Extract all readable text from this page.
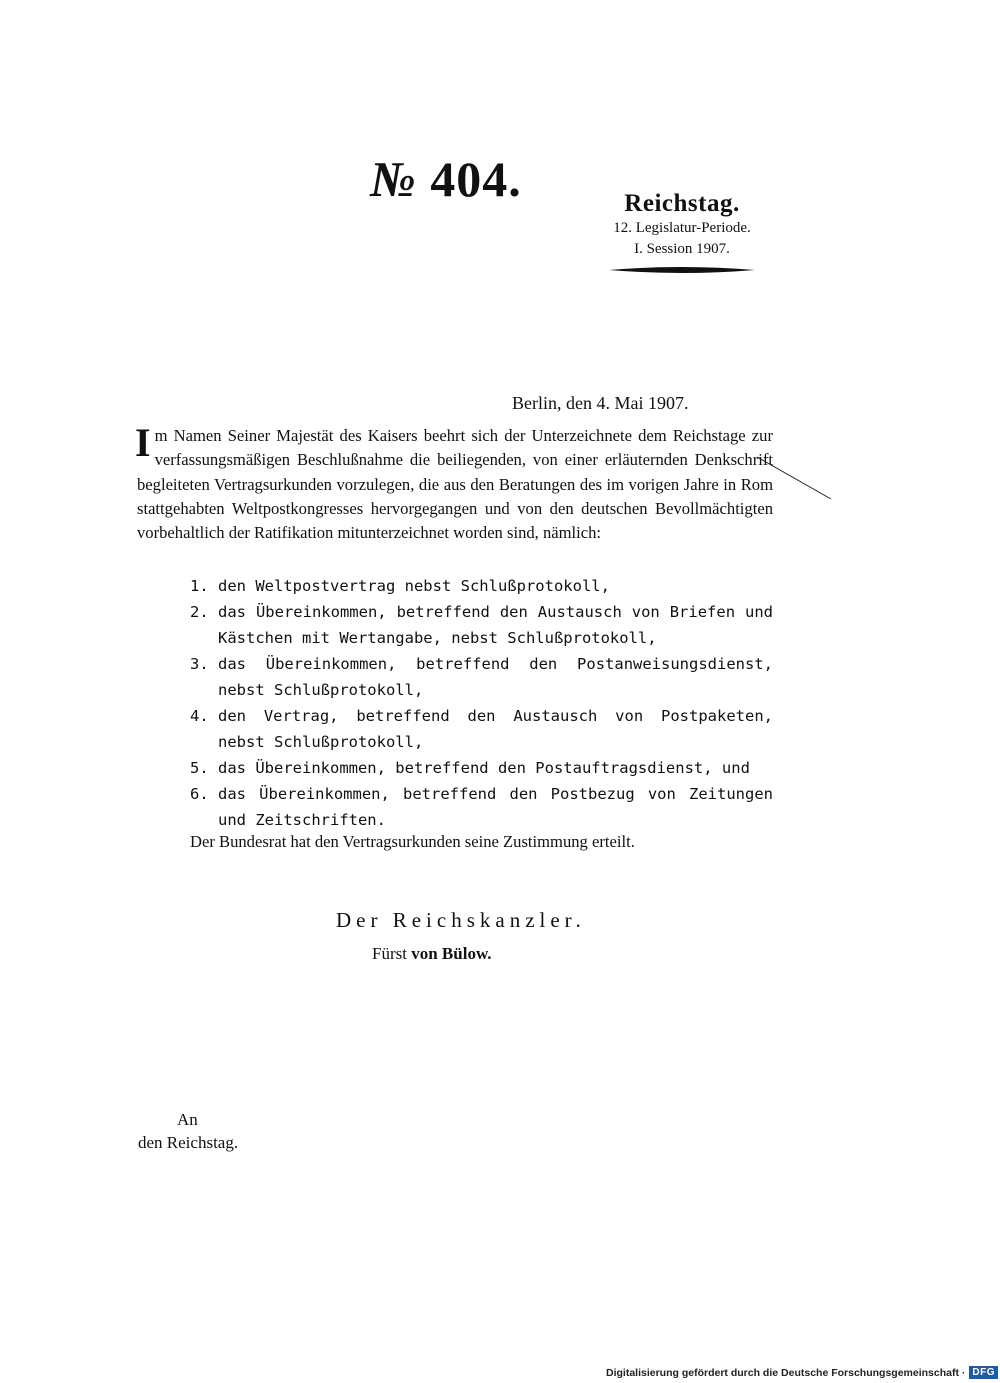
№ 404.	Reichstag.
12. Legislatur-Periode.
I. Session 1907.
Berlin, den 4. Mai 1907.
Im Namen Seiner Majestät des Kaisers beehrt sich der Unterzeichnete dem Reichstage zur verfassungsmäßigen Beschlußnahme die beiliegenden, von einer erläuternden Denkschrift begleiteten Vertragsurkunden vorzulegen, die aus den Beratungen des im vorigen Jahre in Rom stattgehabten Weltpostkongresses hervorgegangen und von den deutschen Bevollmächtigten vorbehaltlich der Ratifikation mitunterzeichnet worden sind, nämlich:
1. den Weltpostvertrag nebst Schlußprotokoll,
2. das Übereinkommen, betreffend den Austausch von Briefen und Kästchen mit Wertangabe, nebst Schlußprotokoll,
3. das Übereinkommen, betreffend den Postanweisungsdienst, nebst Schlußprotokoll,
4. den Vertrag, betreffend den Austausch von Postpaketen, nebst Schlußprotokoll,
5. das Übereinkommen, betreffend den Postauftragsdienst, und
6. das Übereinkommen, betreffend den Postbezug von Zeitungen und Zeitschriften.
Der Bundesrat hat den Vertragsurkunden seine Zustimmung erteilt.
Der Reichskanzler.
Fürst von Bülow.
An
den Reichstag.
Digitalisierung gefördert durch die Deutsche Forschungsgemeinschaft · DFG
